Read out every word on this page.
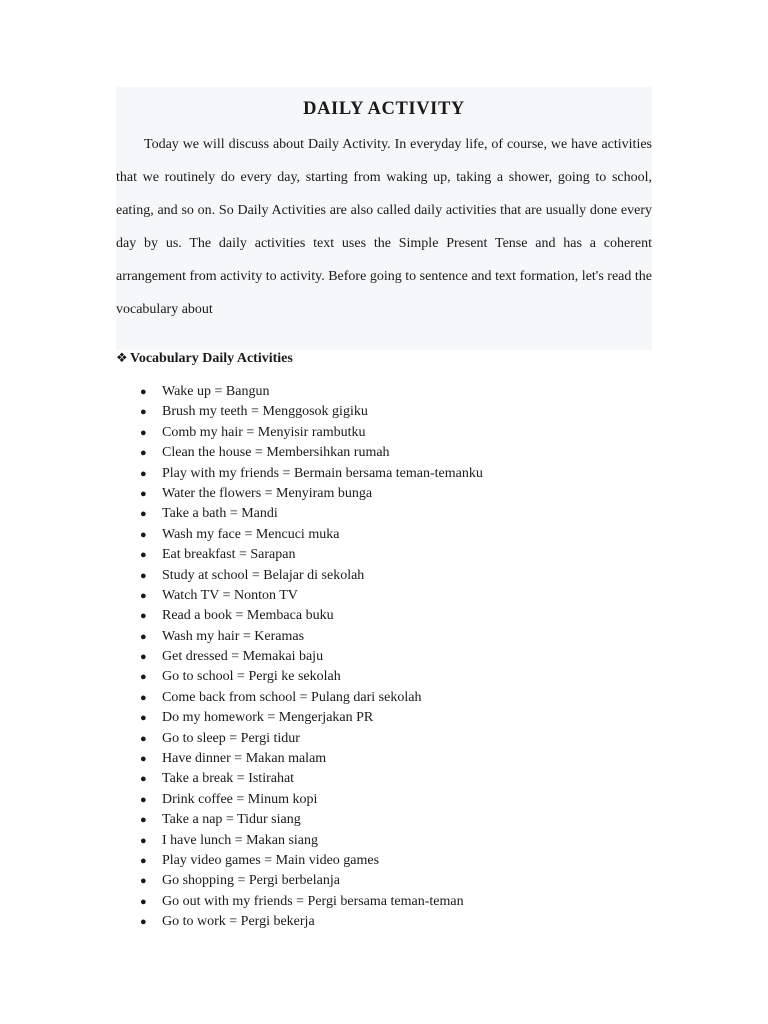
DAILY ACTIVITY

Today we will discuss about Daily Activity. In everyday life, of course, we have activities that we routinely do every day, starting from waking up, taking a shower, going to school, eating, and so on. So Daily Activities are also called daily activities that are usually done every day by us. The daily activities text uses the Simple Present Tense and has a coherent arrangement from activity to activity. Before going to sentence and text formation, let's read the vocabulary about

❖ Vocabulary Daily Activities
● Wake up = Bangun
● Brush my teeth = Menggosok gigiku
● Comb my hair = Menyisir rambutku
● Clean the house = Membersihkan rumah
● Play with my friends = Bermain bersama teman-temanku
● Water the flowers = Menyiram bunga
● Take a bath = Mandi
● Wash my face = Mencuci muka
● Eat breakfast = Sarapan
● Study at school = Belajar di sekolah
● Watch TV = Nonton TV
● Read a book = Membaca buku
● Wash my hair = Keramas
● Get dressed = Memakai baju
● Go to school = Pergi ke sekolah
● Come back from school = Pulang dari sekolah
● Do my homework = Mengerjakan PR
● Go to sleep = Pergi tidur
● Have dinner = Makan malam
● Take a break = Istirahat
● Drink coffee = Minum kopi
● Take a nap = Tidur siang
● I have lunch = Makan siang
● Play video games = Main video games
● Go shopping = Pergi berbelanja
● Go out with my friends = Pergi bersama teman-teman
● Go to work = Pergi bekerja
